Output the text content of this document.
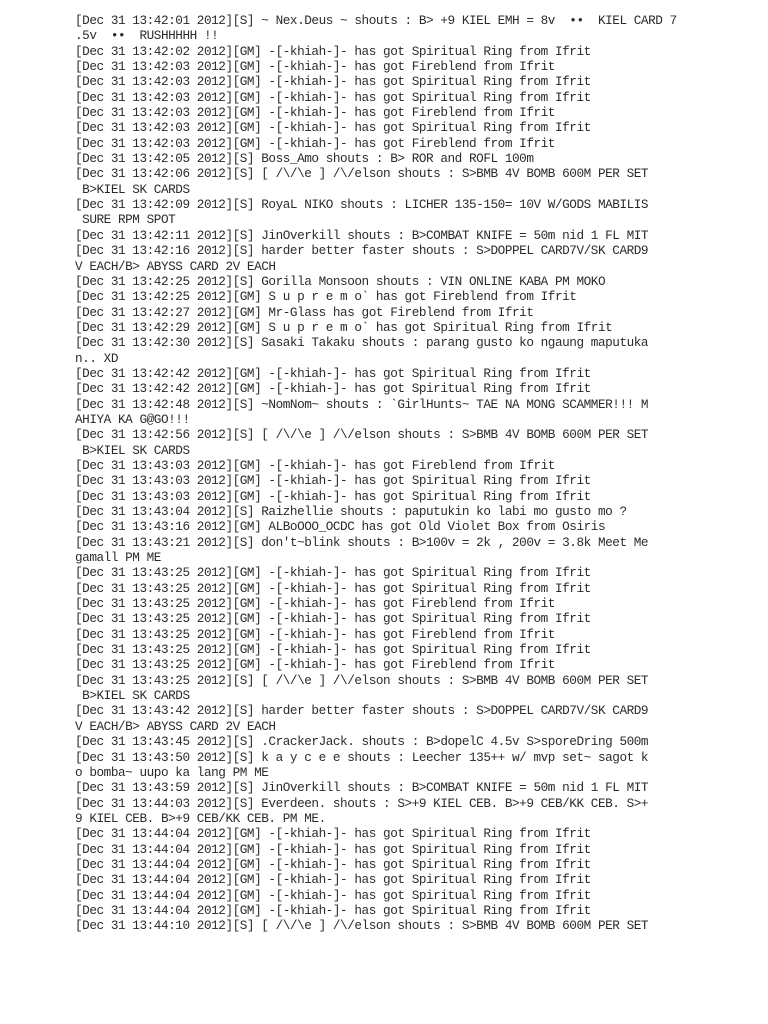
[Dec 31 13:42:01 2012][S] ~ Nex.Deus ~ shouts : B> +9 KIEL EMH = 8v  ••  KIEL CARD 7
.5v  ••  RUSHHHHH !!
[Dec 31 13:42:02 2012][GM] -[-khiah-]- has got Spiritual Ring from Ifrit
[Dec 31 13:42:03 2012][GM] -[-khiah-]- has got Fireblend from Ifrit
[Dec 31 13:42:03 2012][GM] -[-khiah-]- has got Spiritual Ring from Ifrit
[Dec 31 13:42:03 2012][GM] -[-khiah-]- has got Spiritual Ring from Ifrit
[Dec 31 13:42:03 2012][GM] -[-khiah-]- has got Fireblend from Ifrit
[Dec 31 13:42:03 2012][GM] -[-khiah-]- has got Spiritual Ring from Ifrit
[Dec 31 13:42:03 2012][GM] -[-khiah-]- has got Fireblend from Ifrit
[Dec 31 13:42:05 2012][S] Boss_Amo shouts : B> ROR and ROFL 100m
[Dec 31 13:42:06 2012][S] [ /\/\e ] /\/elson shouts : S>BMB 4V BOMB 600M PER SET
B>KIEL SK CARDS
[Dec 31 13:42:09 2012][S] RoyaL NIKO shouts : LICHER 135-150= 10V W/GODS MABILIS
SURE RPM SPOT
[Dec 31 13:42:11 2012][S] JinOverkill shouts : B>COMBAT KNIFE = 50m nid 1 FL MIT
[Dec 31 13:42:16 2012][S] harder better faster shouts : S>DOPPEL CARD7V/SK CARD9
V EACH/B> ABYSS CARD 2V EACH
[Dec 31 13:42:25 2012][S] Gorilla Monsoon shouts : VIN ONLINE KABA PM MOKO
[Dec 31 13:42:25 2012][GM] S u p r e m o` has got Fireblend from Ifrit
[Dec 31 13:42:27 2012][GM] Mr-Glass has got Fireblend from Ifrit
[Dec 31 13:42:29 2012][GM] S u p r e m o` has got Spiritual Ring from Ifrit
[Dec 31 13:42:30 2012][S] Sasaki Takaku shouts : parang gusto ko ngaung maputuka
n.. XD
[Dec 31 13:42:42 2012][GM] -[-khiah-]- has got Spiritual Ring from Ifrit
[Dec 31 13:42:42 2012][GM] -[-khiah-]- has got Spiritual Ring from Ifrit
[Dec 31 13:42:48 2012][S] ~NomNom~ shouts : `GirlHunts~ TAE NA MONG SCAMMER!!! M
AHIYA KA G@GO!!!
[Dec 31 13:42:56 2012][S] [ /\/\e ] /\/elson shouts : S>BMB 4V BOMB 600M PER SET
B>KIEL SK CARDS
[Dec 31 13:43:03 2012][GM] -[-khiah-]- has got Fireblend from Ifrit
[Dec 31 13:43:03 2012][GM] -[-khiah-]- has got Spiritual Ring from Ifrit
[Dec 31 13:43:03 2012][GM] -[-khiah-]- has got Spiritual Ring from Ifrit
[Dec 31 13:43:04 2012][S] Raizhellie shouts : paputukin ko labi mo gusto mo ?
[Dec 31 13:43:16 2012][GM] ALBoOOO_OCDC has got Old Violet Box from Osiris
[Dec 31 13:43:21 2012][S] don't~blink shouts : B>100v = 2k , 200v = 3.8k Meet Me
gamall PM ME
[Dec 31 13:43:25 2012][GM] -[-khiah-]- has got Spiritual Ring from Ifrit
[Dec 31 13:43:25 2012][GM] -[-khiah-]- has got Spiritual Ring from Ifrit
[Dec 31 13:43:25 2012][GM] -[-khiah-]- has got Fireblend from Ifrit
[Dec 31 13:43:25 2012][GM] -[-khiah-]- has got Spiritual Ring from Ifrit
[Dec 31 13:43:25 2012][GM] -[-khiah-]- has got Fireblend from Ifrit
[Dec 31 13:43:25 2012][GM] -[-khiah-]- has got Spiritual Ring from Ifrit
[Dec 31 13:43:25 2012][GM] -[-khiah-]- has got Fireblend from Ifrit
[Dec 31 13:43:25 2012][S] [ /\/\e ] /\/elson shouts : S>BMB 4V BOMB 600M PER SET
B>KIEL SK CARDS
[Dec 31 13:43:42 2012][S] harder better faster shouts : S>DOPPEL CARD7V/SK CARD9
V EACH/B> ABYSS CARD 2V EACH
[Dec 31 13:43:45 2012][S] .CrackerJack. shouts : B>dopelC 4.5v S>sporeDring 500m
[Dec 31 13:43:50 2012][S] k a y c e e shouts : Leecher 135++ w/ mvp set~ sagot k
o bomba~ uupo ka lang PM ME
[Dec 31 13:43:59 2012][S] JinOverkill shouts : B>COMBAT KNIFE = 50m nid 1 FL MIT
[Dec 31 13:44:03 2012][S] Everdeen. shouts : S>+9 KIEL CEB. B>+9 CEB/KK CEB. S>+
9 KIEL CEB. B>+9 CEB/KK CEB. PM ME.
[Dec 31 13:44:04 2012][GM] -[-khiah-]- has got Spiritual Ring from Ifrit
[Dec 31 13:44:04 2012][GM] -[-khiah-]- has got Spiritual Ring from Ifrit
[Dec 31 13:44:04 2012][GM] -[-khiah-]- has got Spiritual Ring from Ifrit
[Dec 31 13:44:04 2012][GM] -[-khiah-]- has got Spiritual Ring from Ifrit
[Dec 31 13:44:04 2012][GM] -[-khiah-]- has got Spiritual Ring from Ifrit
[Dec 31 13:44:04 2012][GM] -[-khiah-]- has got Spiritual Ring from Ifrit
[Dec 31 13:44:10 2012][S] [ /\/\e ] /\/elson shouts : S>BMB 4V BOMB 600M PER SET
